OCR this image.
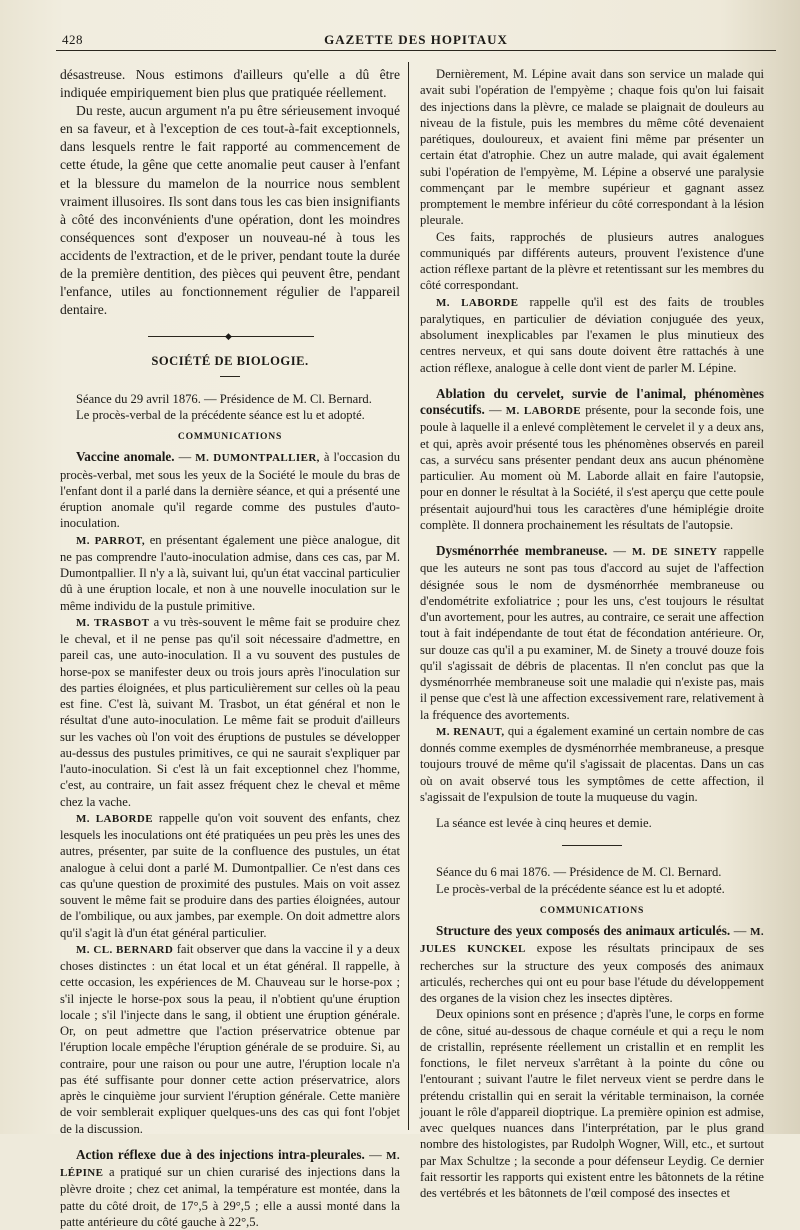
428	GAZETTE DES HOPITAUX

désastreuse. Nous estimons d'ailleurs qu'elle a dû être indiquée empiriquement bien plus que pratiquée réellement.

Du reste, aucun argument n'a pu être sérieusement invoqué en sa faveur, et à l'exception de ces tout-à-fait exceptionnels, dans lesquels rentre le fait rapporté au commencement de cette étude, la gêne que cette anomalie peut causer à l'enfant et la blessure du mamelon de la nourrice nous semblent vraiment illusoires. Ils sont dans tous les cas bien insignifiants à côté des inconvénients d'une opération, dont les moindres conséquences sont d'exposer un nouveau-né à tous les accidents de l'extraction, et de le priver, pendant toute la durée de la première dentition, des pièces qui peuvent être, pendant l'enfance, utiles au fonctionnement régulier de l'appareil dentaire.

◆
SOCIÉTÉ DE BIOLOGIE.

Séance du 29 avril 1876. — Présidence de M. Cl. Bernard.

Le procès-verbal de la précédente séance est lu et adopté.

COMMUNICATIONS

Vaccine anomale. — M. DUMONTPALLIER, à l'occasion du procès-verbal, met sous les yeux de la Société le moule du bras de l'enfant dont il a parlé dans la dernière séance, et qui a présenté une éruption anomale qu'il regarde comme des pustules d'auto-inoculation.

M. PARROT, en présentant également une pièce analogue, dit ne pas comprendre l'auto-inoculation admise, dans ces cas, par M. Dumontpallier. Il n'y a là, suivant lui, qu'un état vaccinal particulier dû à une éruption locale, et non à une nouvelle inoculation sur le même individu de la pustule primitive.

M. TRASBOT a vu très-souvent le même fait se produire chez le cheval, et il ne pense pas qu'il soit nécessaire d'admettre, en pareil cas, une auto-inoculation. Il a vu souvent des pustules de horse-pox se manifester deux ou trois jours après l'inoculation sur des parties éloignées, et plus particulièrement sur celles où la peau est fine. C'est là, suivant M. Trasbot, un état général et non le résultat d'une auto-inoculation. Le même fait se produit d'ailleurs sur les vaches où l'on voit des éruptions de pustules se développer au-dessus des pustules primitives, ce qui ne saurait s'expliquer par l'auto-inoculation. Si c'est là un fait exceptionnel chez l'homme, c'est, au contraire, un fait assez fréquent chez le cheval et même chez la vache.

M. LABORDE rappelle qu'on voit souvent des enfants, chez lesquels les inoculations ont été pratiquées un peu près les unes des autres, présenter, par suite de la confluence des pustules, un état analogue à celui dont a parlé M. Dumontpallier. Ce n'est dans ces cas qu'une question de proximité des pustules. Mais on voit assez souvent le même fait se produire dans des parties éloignées, autour de l'ombilique, ou aux jambes, par exemple. On doit admettre alors qu'il s'agit là d'un état général particulier.

M. CL. BERNARD fait observer que dans la vaccine il y a deux choses distinctes : un état local et un état général. Il rappelle, à cette occasion, les expériences de M. Chauveau sur le horse-pox ; s'il injecte le horse-pox sous la peau, il n'obtient qu'une éruption locale ; s'il l'injecte dans le sang, il obtient une éruption générale. Or, on peut admettre que l'action préservatrice obtenue par l'éruption locale empêche l'éruption générale de se produire. Si, au contraire, pour une raison ou pour une autre, l'éruption locale n'a pas été suffisante pour donner cette action préservatrice, alors après le cinquième jour survient l'éruption générale. Cette manière de voir semblerait expliquer quelques-uns des cas qui font l'objet de la discussion.

Action réflexe due à des injections intra-pleurales. — M. LÉPINE a pratiqué sur un chien curarisé des injections dans la plèvre droite ; chez cet animal, la température est montée, dans la patte du côté droit, de 17°,5 à 29°,5 ; elle a aussi monté dans la patte antérieure du côté gauche à 22°,5.

Dernièrement, M. Lépine avait dans son service un malade qui avait subi l'opération de l'empyème ; chaque fois qu'on lui faisait des injections dans la plèvre, ce malade se plaignait de douleurs au niveau de la fistule, puis les membres du même côté devenaient parétiques, douloureux, et avaient fini même par présenter un certain état d'atrophie. Chez un autre malade, qui avait également subi l'opération de l'empyème, M. Lépine a observé une paralysie commençant par le membre supérieur et gagnant assez promptement le membre inférieur du côté correspondant à la lésion pleurale.

Ces faits, rapprochés de plusieurs autres analogues communiqués par différents auteurs, prouvent l'existence d'une action réflexe partant de la plèvre et retentissant sur les membres du côté correspondant.

M. LABORDE rappelle qu'il est des faits de troubles paralytiques, en particulier de déviation conjuguée des yeux, absolument inexplicables par l'examen le plus minutieux des centres nerveux, et qui sans doute doivent être rattachés à une action réflexe, analogue à celle dont vient de parler M. Lépine.

Ablation du cervelet, survie de l'animal, phénomènes consécutifs. — M. LABORDE présente, pour la seconde fois, une poule à laquelle il a enlevé complètement le cervelet il y a deux ans, et qui, après avoir présenté tous les phénomènes observés en pareil cas, a survécu sans présenter pendant deux ans aucun phénomène particulier. Au moment où M. Laborde allait en faire l'autopsie, pour en donner le résultat à la Société, il s'est aperçu que cette poule présentait aujourd'hui tous les caractères d'une hémiplégie droite complète. Il donnera prochainement les résultats de l'autopsie.

Dysménorrhée membraneuse. — M. DE SINETY rappelle que les auteurs ne sont pas tous d'accord au sujet de l'affection désignée sous le nom de dysménorrhée membraneuse ou d'endométrite exfoliatrice ; pour les uns, c'est toujours le résultat d'un avortement, pour les autres, au contraire, ce serait une affection tout à fait indépendante de tout état de fécondation antérieure. Or, sur douze cas qu'il a pu examiner, M. de Sinety a trouvé douze fois qu'il s'agissait de débris de placentas. Il n'en conclut pas que la dysménorrhée membraneuse soit une maladie qui n'existe pas, mais il pense que c'est là une affection excessivement rare, relativement à la fréquence des avortements.

M. RENAUT, qui a également examiné un certain nombre de cas donnés comme exemples de dysménorrhée membraneuse, a presque toujours trouvé de même qu'il s'agissait de placentas. Dans un cas où on avait observé tous les symptômes de cette affection, il s'agissait de l'expulsion de toute la muqueuse du vagin.

La séance est levée à cinq heures et demie.

Séance du 6 mai 1876. — Présidence de M. Cl. Bernard.

Le procès-verbal de la précédente séance est lu et adopté.

COMMUNICATIONS

Structure des yeux composés des animaux articulés. — M. JULES KUNCKEL expose les résultats principaux de ses recherches sur la structure des yeux composés des animaux articulés, recherches qui ont eu pour base l'étude du développement des organes de la vision chez les insectes diptères.

Deux opinions sont en présence ; d'après l'une, le corps en forme de cône, situé au-dessous de chaque cornéule et qui a reçu le nom de cristallin, représente réellement un cristallin et en remplit les fonctions, le filet nerveux s'arrêtant à la pointe du cône ou l'entourant ; suivant l'autre le filet nerveux vient se perdre dans le prétendu cristallin qui en serait la véritable terminaison, la cornée jouant le rôle d'appareil dioptrique. La première opinion est admise, avec quelques nuances dans l'interprétation, par le plus grand nombre des histologistes, par Rudolph Wogner, Will, etc., et surtout par Max Schultze ; la seconde a pour défenseur Leydig. Ce dernier fait ressortir les rapports qui existent entre les bâtonnets de la rétine des vertébrés et les bâtonnets de l'œil composé des insectes et
